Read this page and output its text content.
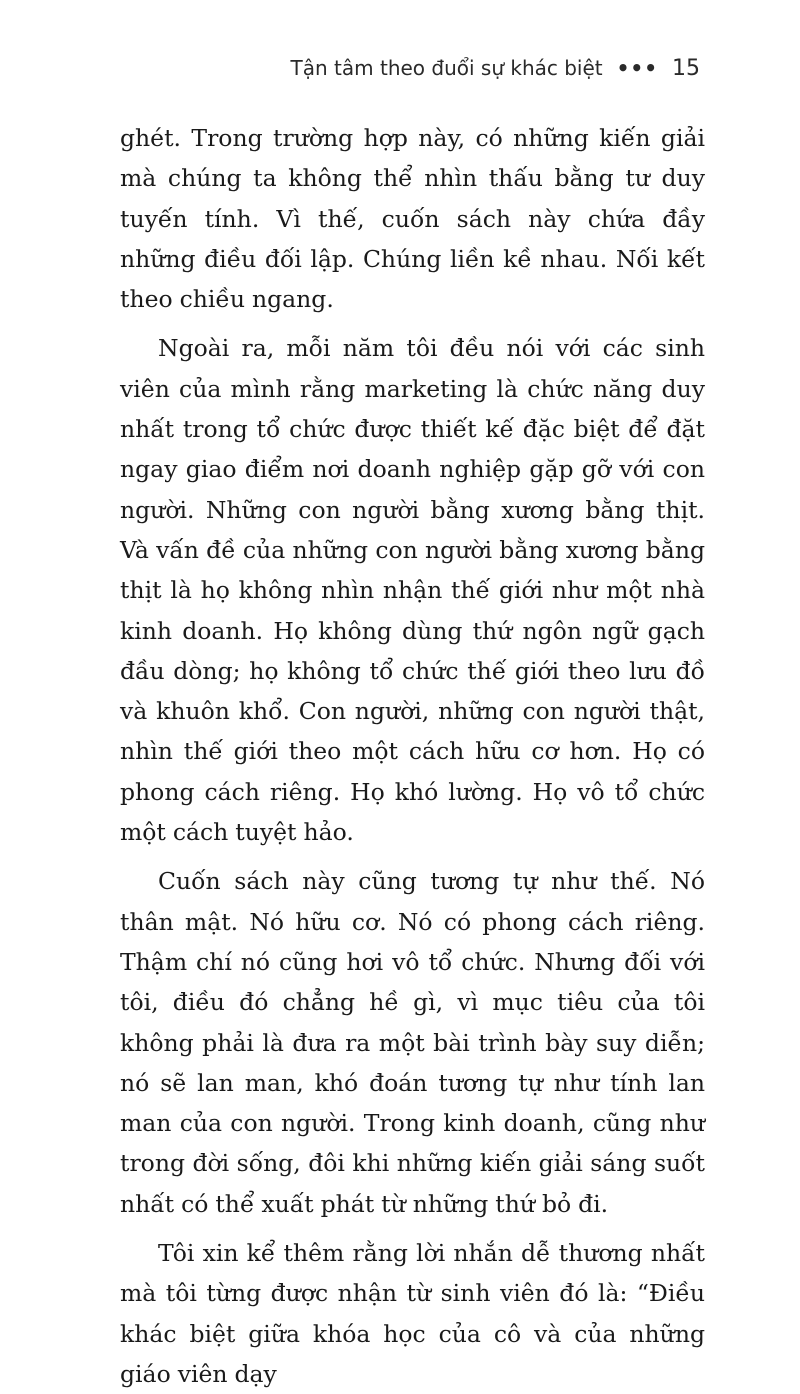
Tận tâm theo đuổi sự khác biệt ••• 15

ghét. Trong trường hợp này, có những kiến giải mà chúng ta không thể nhìn thấu bằng tư duy tuyến tính. Vì thế, cuốn sách này chứa đầy những điều đối lập. Chúng liền kề nhau. Nối kết theo chiều ngang.

Ngoài ra, mỗi năm tôi đều nói với các sinh viên của mình rằng marketing là chức năng duy nhất trong tổ chức được thiết kế đặc biệt để đặt ngay giao điểm nơi doanh nghiệp gặp gỡ với con người. Những con người bằng xương bằng thịt. Và vấn đề của những con người bằng xương bằng thịt là họ không nhìn nhận thế giới như một nhà kinh doanh. Họ không dùng thứ ngôn ngữ gạch đầu dòng; họ không tổ chức thế giới theo lưu đồ và khuôn khổ. Con người, những con người thật, nhìn thế giới theo một cách hữu cơ hơn. Họ có phong cách riêng. Họ khó lường. Họ vô tổ chức một cách tuyệt hảo.

Cuốn sách này cũng tương tự như thế. Nó thân mật. Nó hữu cơ. Nó có phong cách riêng. Thậm chí nó cũng hơi vô tổ chức. Nhưng đối với tôi, điều đó chẳng hề gì, vì mục tiêu của tôi không phải là đưa ra một bài trình bày suy diễn; nó sẽ lan man, khó đoán tương tự như tính lan man của con người. Trong kinh doanh, cũng như trong đời sống, đôi khi những kiến giải sáng suốt nhất có thể xuất phát từ những thứ bỏ đi.

Tôi xin kể thêm rằng lời nhắn dễ thương nhất mà tôi từng được nhận từ sinh viên đó là: “Điều khác biệt giữa khóa học của cô và của những giáo viên dạy
